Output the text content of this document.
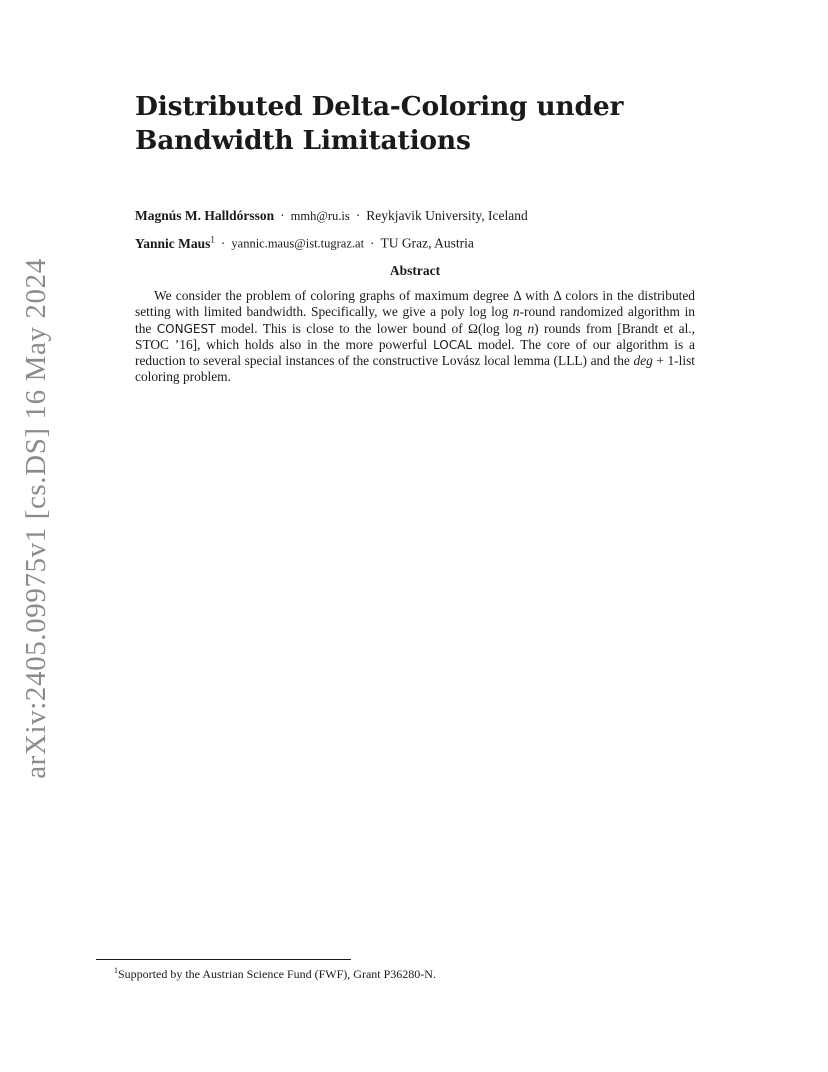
arXiv:2405.09975v1 [cs.DS] 16 May 2024
Distributed Delta-Coloring under
Bandwidth Limitations
Magnús M. Halldórsson · mmh@ru.is · Reykjavik University, Iceland
Yannic Maus$^1$ · yannic.maus@ist.tugraz.at · TU Graz, Austria
Abstract

We consider the problem of coloring graphs of maximum degree Δ with Δ colors in the distributed setting with limited bandwidth. Specifically, we give a poly log log n-round randomized algorithm in the CONGEST model. This is close to the lower bound of Ω(log log n) rounds from [Brandt et al., STOC ’16], which holds also in the more powerful LOCAL model. The core of our algorithm is a reduction to several special instances of the constructive Lovász local lemma (LLL) and the deg + 1-list coloring problem.

$^1$Supported by the Austrian Science Fund (FWF), Grant P36280-N.
